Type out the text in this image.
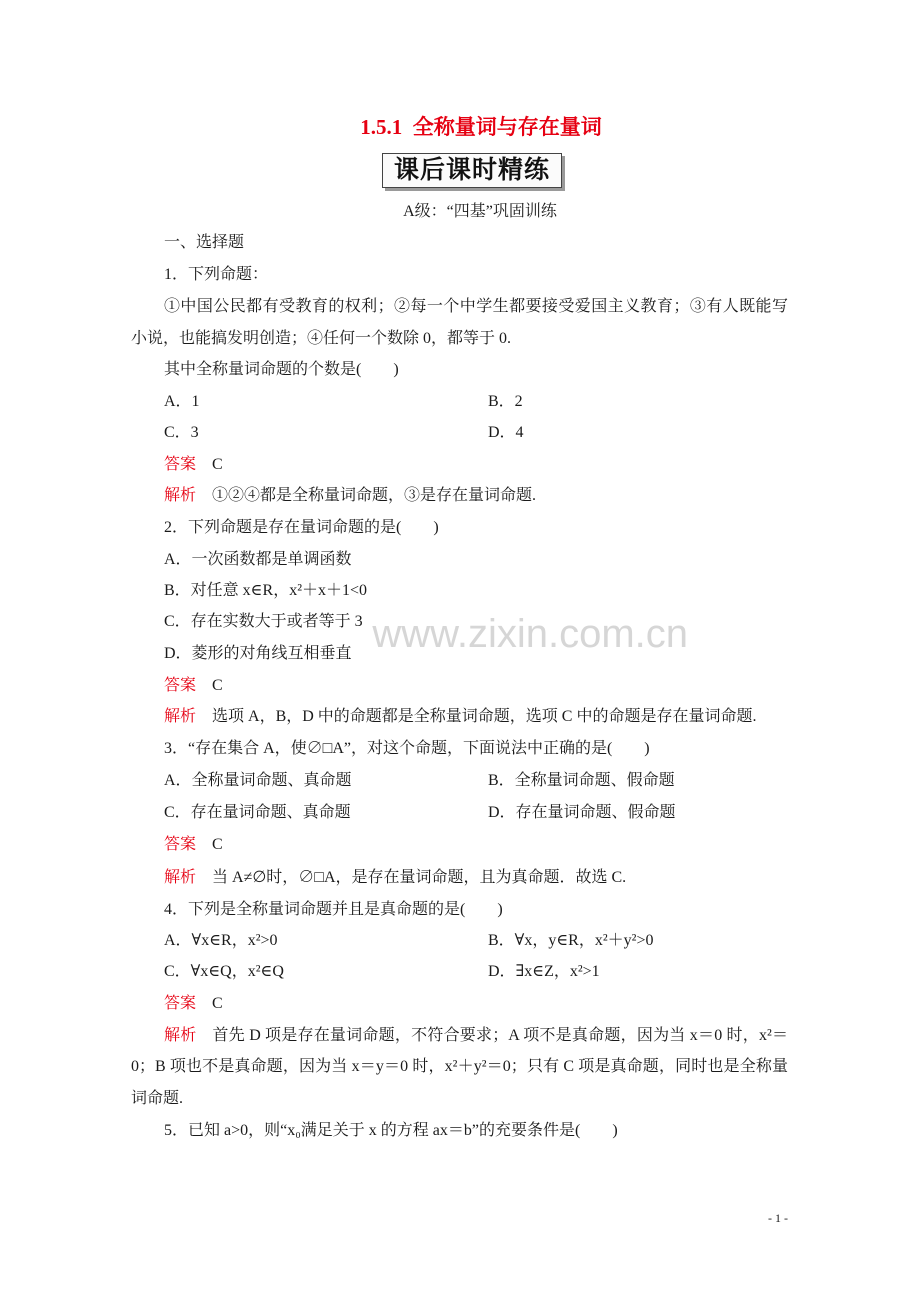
www.zixin.com.cn
1.5.1  全称量词与存在量词
课后课时精练
A级：“四基”巩固训练
一、选择题
1．下列命题：
①中国公民都有受教育的权利；②每一个中学生都要接受爱国主义教育；③有人既能写
小说，也能搞发明创造；④任何一个数除 0，都等于 0.
其中全称量词命题的个数是(　　)
A．1	B．2
C．3	D．4
答案 C
解析 ①②④都是全称量词命题，③是存在量词命题.
2．下列命题是存在量词命题的是(　　)
A．一次函数都是单调函数
B．对任意 x∈R，x²＋x＋1<0
C．存在实数大于或者等于 3
D．菱形的对角线互相垂直
答案 C
解析 选项 A，B，D 中的命题都是全称量词命题，选项 C 中的命题是存在量词命题.
3．“存在集合 A，使∅□A”，对这个命题，下面说法中正确的是(　　)
A．全称量词命题、真命题	B．全称量词命题、假命题
C．存在量词命题、真命题	D．存在量词命题、假命题
答案 C
解析 当 A≠∅时，∅□A，是存在量词命题，且为真命题．故选 C.
4．下列是全称量词命题并且是真命题的是(　　)
A．∀x∈R，x²>0	B．∀x，y∈R，x²＋y²>0
C．∀x∈Q，x²∈Q	D．∃x∈Z，x²>1
答案 C
解析 首先 D 项是存在量词命题，不符合要求；A 项不是真命题，因为当 x＝0 时，x²＝
0；B 项也不是真命题，因为当 x＝y＝0 时，x²＋y²＝0；只有 C 项是真命题，同时也是全称量
词命题.
5．已知 a>0，则“x₀满足关于 x 的方程 ax＝b”的充要条件是(　　)
- 1 -
